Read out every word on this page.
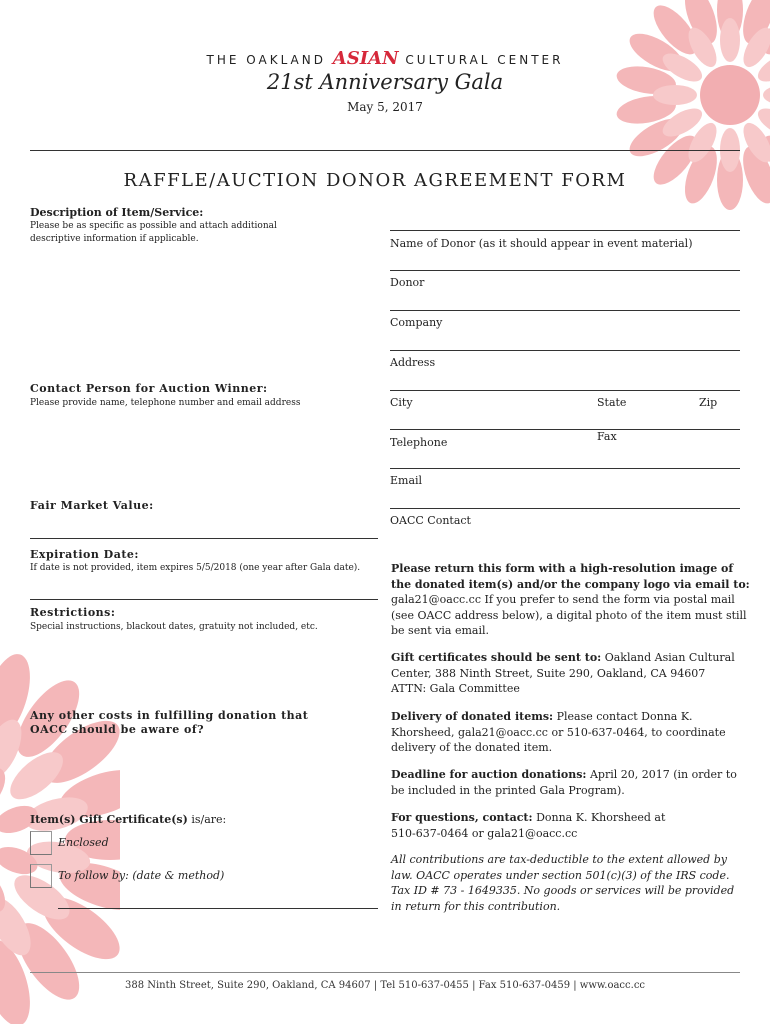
THE OAKLAND ASIAN CULTURAL CENTER
21st Anniversary Gala
May 5, 2017
RAFFLE/AUCTION DONOR AGREEMENT FORM
Description of Item/Service:
Please be as specific as possible and attach additional
descriptive information if applicable.
Contact Person for Auction Winner:
Please provide name, telephone number and email address
Fair Market Value:
Expiration Date:
If date is not provided, item expires 5/5/2018 (one year after Gala date).
Restrictions:
Special instructions, blackout dates, gratuity not included, etc.
Any other costs in fulfilling donation that
OACC should be aware of?
Item(s) Gift Certificate(s) is/are:
Enclosed
To follow by: (date & method)
Name of Donor (as it should appear in event material)
Donor
Company
Address
City	State	Zip
Fax
Telephone
Email
OACC Contact
Please return this form with a high-resolution image of
the donated item(s) and/or the company logo via email to:
gala21@oacc.cc If you prefer to send the form via postal mail
(see OACC address below), a digital photo of the item must still
be sent via email.
Gift certificates should be sent to: Oakland Asian Cultural
Center, 388 Ninth Street, Suite 290, Oakland, CA 94607
ATTN: Gala Committee
Delivery of donated items: Please contact Donna K.
Khorsheed, gala21@oacc.cc or 510-637-0464, to coordinate
delivery of the donated item.
Deadline for auction donations: April 20, 2017 (in order to
be included in the printed Gala Program).
For questions, contact: Donna K. Khorsheed at
510-637-0464 or gala21@oacc.cc
All contributions are tax-deductible to the extent allowed by
law. OACC operates under section 501(c)(3) of the IRS code.
Tax ID # 73 - 1649335. No goods or services will be provided
in return for this contribution.
388 Ninth Street, Suite 290, Oakland, CA 94607 | Tel 510-637-0455 | Fax 510-637-0459 | www.oacc.cc
